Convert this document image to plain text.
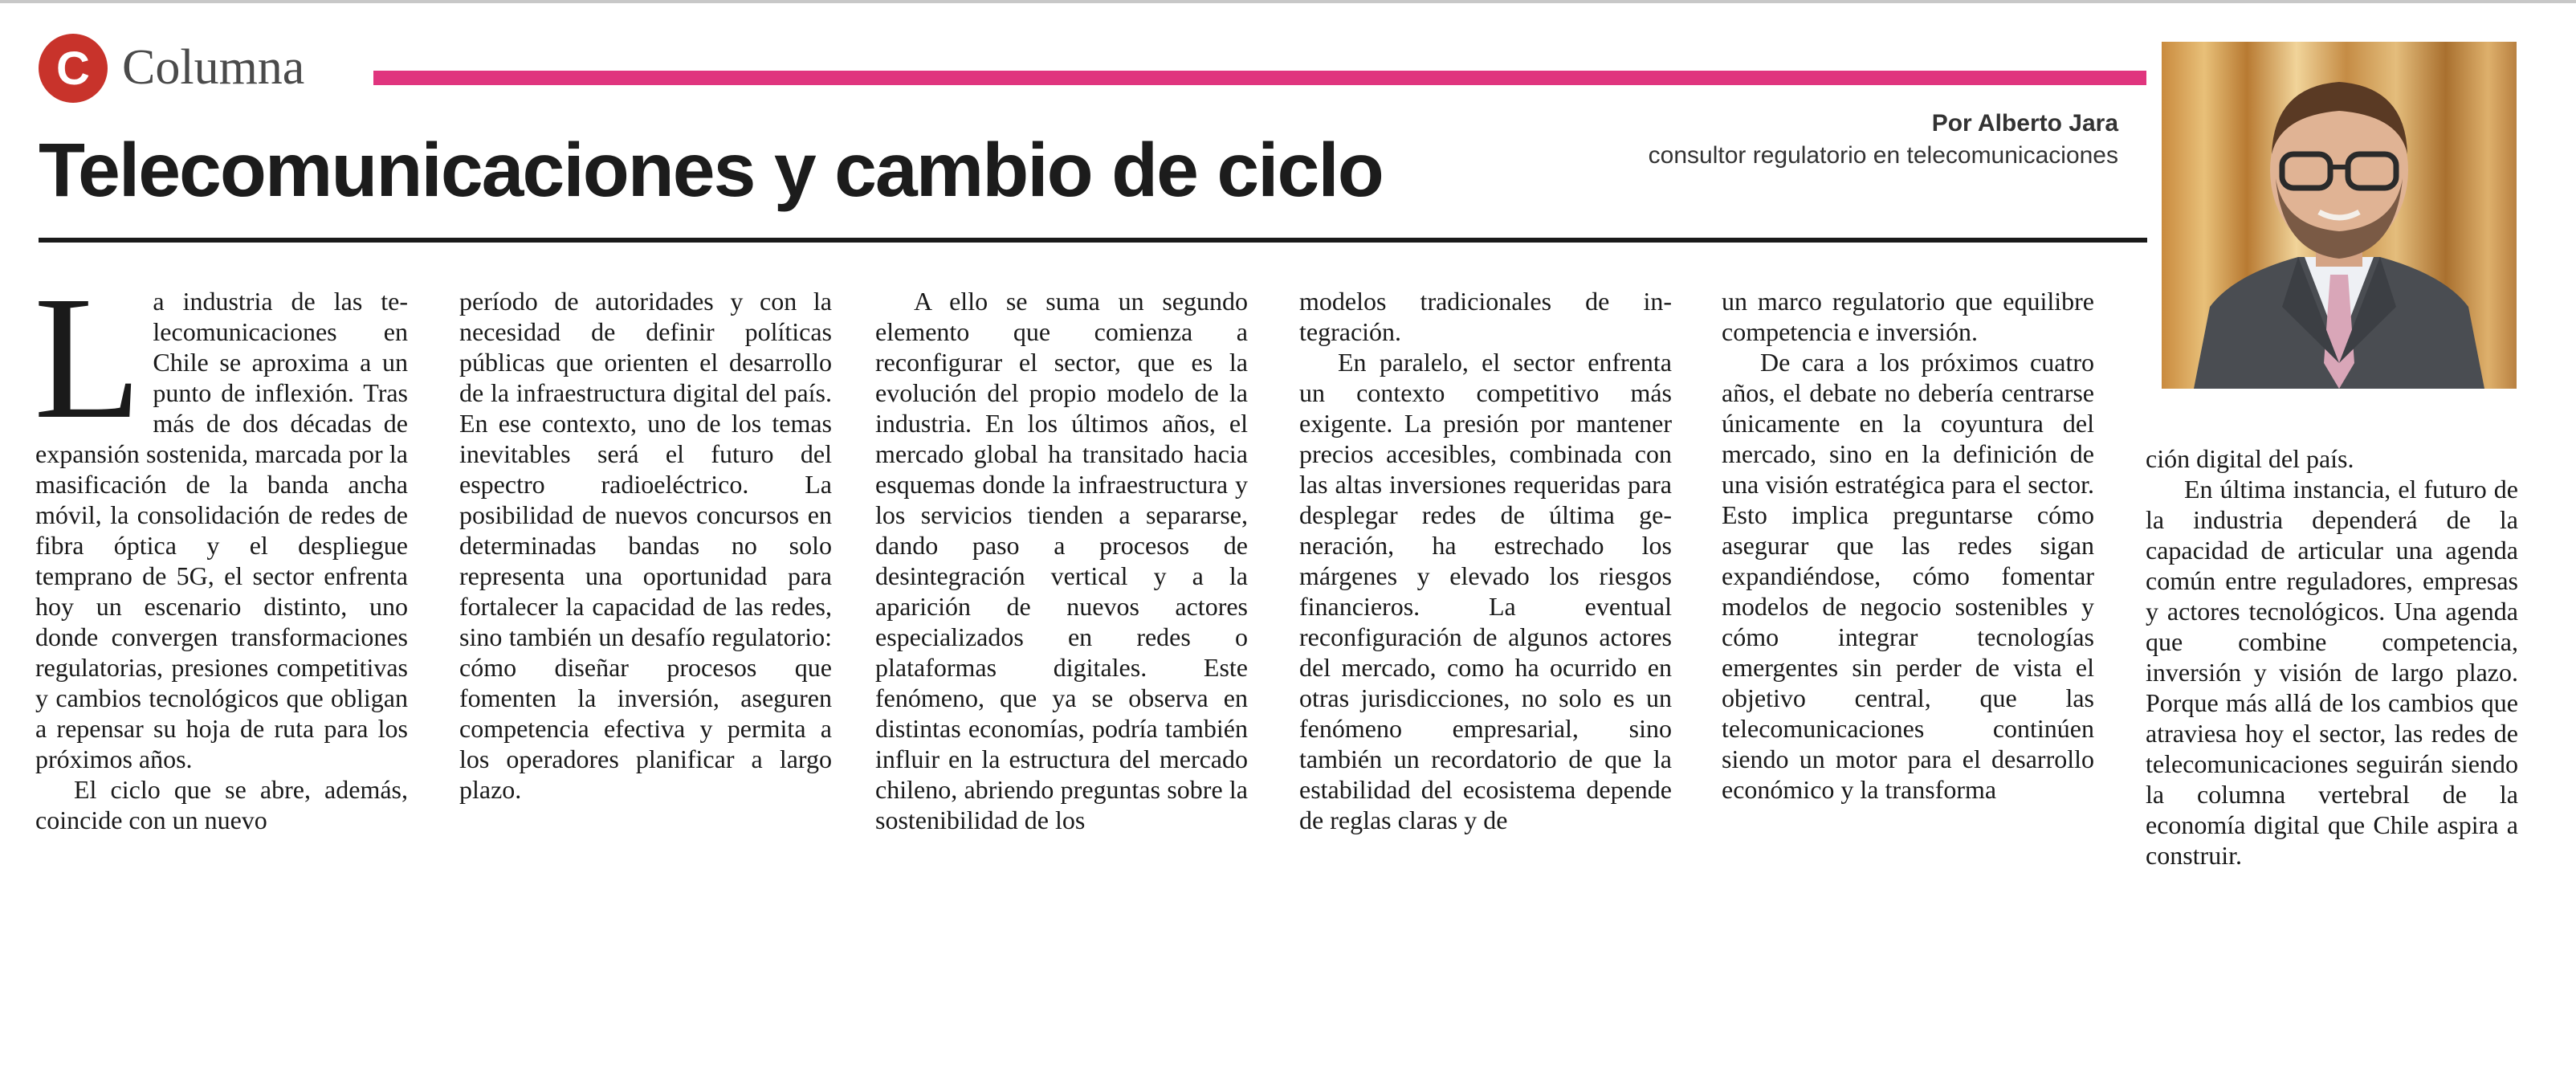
C Columna
Telecomunicaciones y cambio de ciclo
Por Alberto Jara
consultor regulatorio en telecomunicaciones
L a industria de las telecomunicaciones en Chile se aproxima a un punto de inflexión. Tras más de dos décadas de expansión sostenida, marcada por la masificación de la banda ancha móvil, la consolidación de redes de fibra óptica y el despliegue temprano de 5G, el sector enfrenta hoy un escenario distinto, uno donde convergen transformaciones regulatorias, presiones competitivas y cambios tecnológicos que obligan a repensar su hoja de ruta para los próximos años.

El ciclo que se abre, además, coincide con un nuevo

período de autoridades y con la necesidad de definir políticas públicas que orienten el desarrollo de la infraestructura digital del país. En ese contexto, uno de los temas inevitables será el futuro del espectro radioeléctrico. La posibilidad de nuevos concursos en determinadas bandas no solo representa una oportunidad para fortalecer la capacidad de las redes, sino también un desafío regulatorio: cómo diseñar procesos que fomenten la inversión, aseguren competencia efectiva y permita a los operadores planificar a largo plazo.

A ello se suma un segundo elemento que comienza a reconfigurar el sector, que es la evolución del propio modelo de la industria. En los últimos años, el mercado global ha transitado hacia esquemas donde la infraestructura y los servicios tienden a separarse, dando paso a procesos de desintegración vertical y a la aparición de nuevos actores especializados en redes o plataformas digitales. Este fenómeno, que ya se observa en distintas economías, podría también influir en la estructura del mercado chileno, abriendo preguntas sobre la sostenibilidad de los

modelos tradicionales de integración.

En paralelo, el sector enfrenta un contexto competitivo más exigente. La presión por mantener precios accesibles, combinada con las altas inversiones requeridas para desplegar redes de última generación, ha estrechado los márgenes y elevado los riesgos financieros. La eventual reconfiguración de algunos actores del mercado, como ha ocurrido en otras jurisdicciones, no solo es un fenómeno empresarial, sino también un recordatorio de que la estabilidad del ecosistema depende de reglas claras y de

un marco regulatorio que equilibre competencia e inversión.

De cara a los próximos cuatro años, el debate no debería centrarse únicamente en la coyuntura del mercado, sino en la definición de una visión estratégica para el sector. Esto implica preguntarse cómo asegurar que las redes sigan expandiéndose, cómo fomentar modelos de negocio sostenibles y cómo integrar tecnologías emergentes sin perder de vista el objetivo central, que las telecomunicaciones continúen siendo un motor para el desarrollo económico y la transforma

ción digital del país.

En última instancia, el futuro de la industria dependerá de la capacidad de articular una agenda común entre reguladores, empresas y actores tecnológicos. Una agenda que combine competencia, inversión y visión de largo plazo. Porque más allá de los cambios que atraviesa hoy el sector, las redes de telecomunicaciones seguirán siendo la columna vertebral de la economía digital que Chile aspira a construir.
